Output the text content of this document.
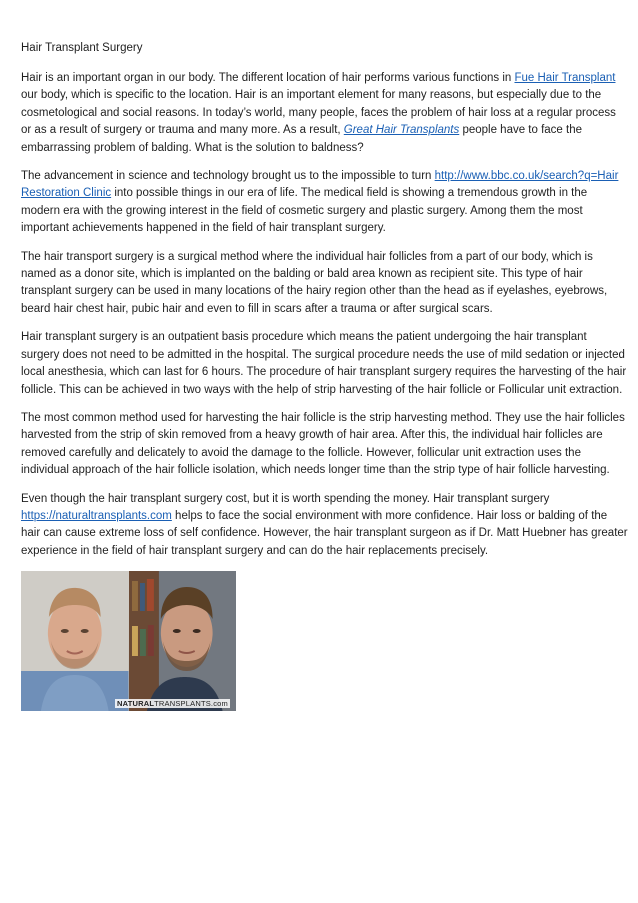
Hair Transplant Surgery

Hair is an important organ in our body. The different location of hair performs various functions in Fue Hair Transplant our body, which is specific to the location. Hair is an important element for many reasons, but especially due to the cosmetological and social reasons. In today’s world, many people, faces the problem of hair loss at a regular process or as a result of surgery or trauma and many more. As a result, Great Hair Transplants people have to face the embarrassing problem of balding. What is the solution to baldness?

The advancement in science and technology brought us to the impossible to turn http://www.bbc.co.uk/search?q=Hair Restoration Clinic into possible things in our era of life. The medical field is showing a tremendous growth in the modern era with the growing interest in the field of cosmetic surgery and plastic surgery. Among them the most important achievements happened in the field of hair transplant surgery.

The hair transport surgery is a surgical method where the individual hair follicles from a part of our body, which is named as a donor site, which is implanted on the balding or bald area known as recipient site. This type of hair transplant surgery can be used in many locations of the hairy region other than the head as if eyelashes, eyebrows, beard hair chest hair, pubic hair and even to fill in scars after a trauma or after surgical scars.

Hair transplant surgery is an outpatient basis procedure which means the patient undergoing the hair transplant surgery does not need to be admitted in the hospital. The surgical procedure needs the use of mild sedation or injected local anesthesia, which can last for 6 hours. The procedure of hair transplant surgery requires the harvesting of the hair follicle. This can be achieved in two ways with the help of strip harvesting of the hair follicle or Follicular unit extraction.

The most common method used for harvesting the hair follicle is the strip harvesting method. They use the hair follicles harvested from the strip of skin removed from a heavy growth of hair area. After this, the individual hair follicles are removed carefully and delicately to avoid the damage to the follicle. However, follicular unit extraction uses the individual approach of the hair follicle isolation, which needs longer time than the strip type of hair follicle harvesting.

Even though the hair transplant surgery cost, but it is worth spending the money. Hair transplant surgery https://naturaltransplants.com helps to face the social environment with more confidence. Hair loss or balding of the hair can cause extreme loss of self confidence. However, the hair transplant surgeon as if Dr. Matt Huebner has greater experience in the field of hair transplant surgery and can do the hair replacements precisely.

NATURALTRANSPLANTS.com
